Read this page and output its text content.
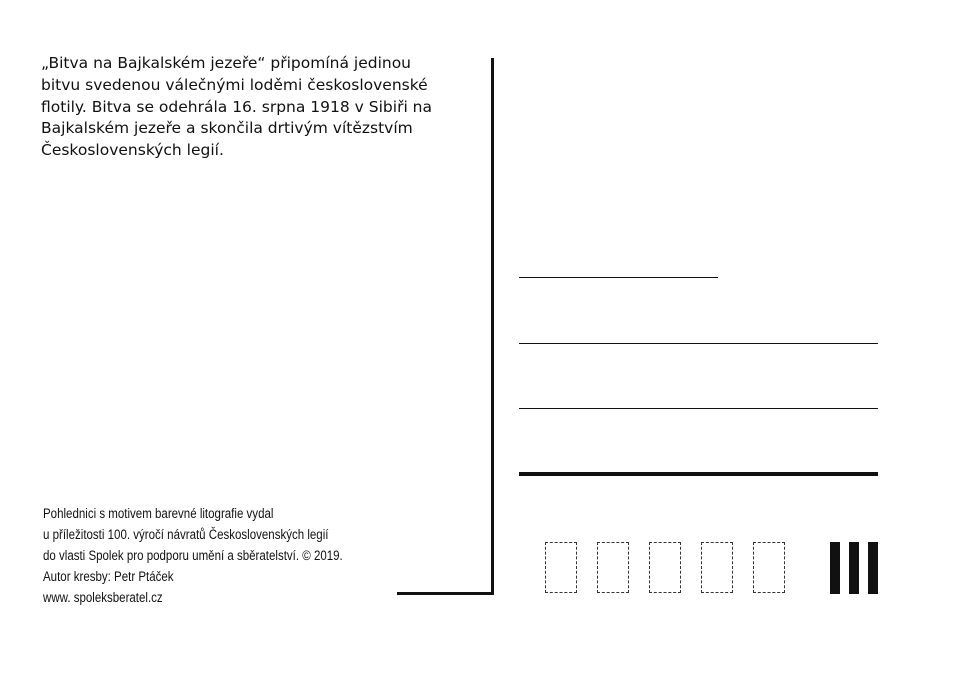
„Bitva na Bajkalském jezeře“ připomíná jedinou
bitvu svedenou válečnými loděmi československé
flotily. Bitva se odehrála 16. srpna 1918 v Sibiři na
Bajkalském jezeře a skončila drtivým vítězstvím
Československých legií.
Pohlednici s motivem barevné litografie vydal
u příležitosti 100. výročí návratů Československých legií
do vlasti Spolek pro podporu umění a sběratelství. © 2019.
Autor kresby: Petr Ptáček
www. spoleksberatel.cz
